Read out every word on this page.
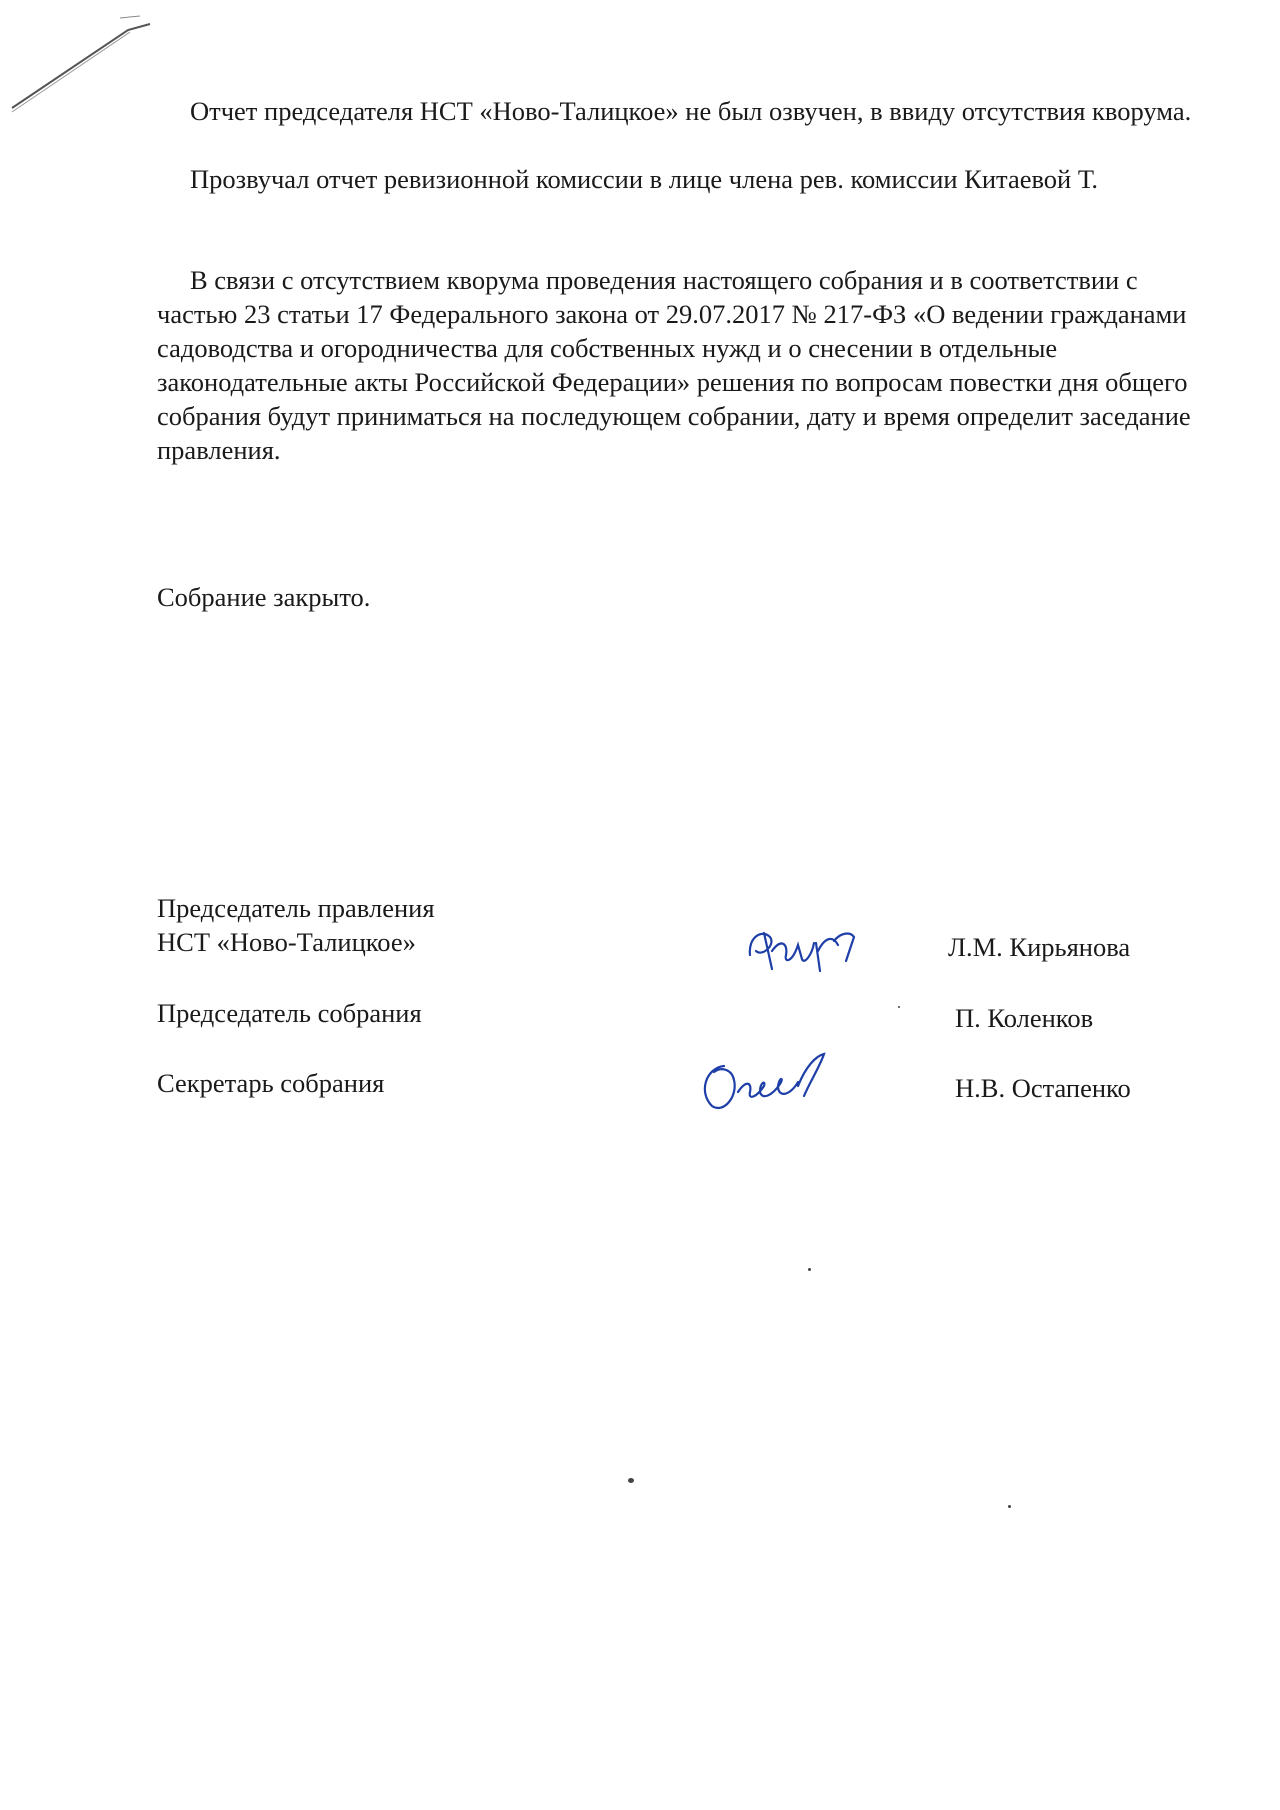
Отчет председателя НСТ «Ново-Талицкое» не был озвучен, в ввиду отсутствия кворума.

Прозвучал отчет ревизионной комиссии в лице члена рев. комиссии Китаевой Т.

В связи с отсутствием кворума проведения настоящего собрания и в соответствии с частью 23 статьи 17 Федерального закона от 29.07.2017 № 217-ФЗ «О ведении гражданами садоводства и огородничества для собственных нужд и о снесении в отдельные законодательные акты Российской Федерации» решения по вопросам повестки дня общего собрания будут приниматься на последующем собрании, дату и время определит заседание правления.

Собрание закрыто.

Председатель правления
НСТ «Ново-Талицкое»	Л.М. Кирьянова
Председатель собрания	П. Коленков
Секретарь собрания	Н.В. Остапенко
